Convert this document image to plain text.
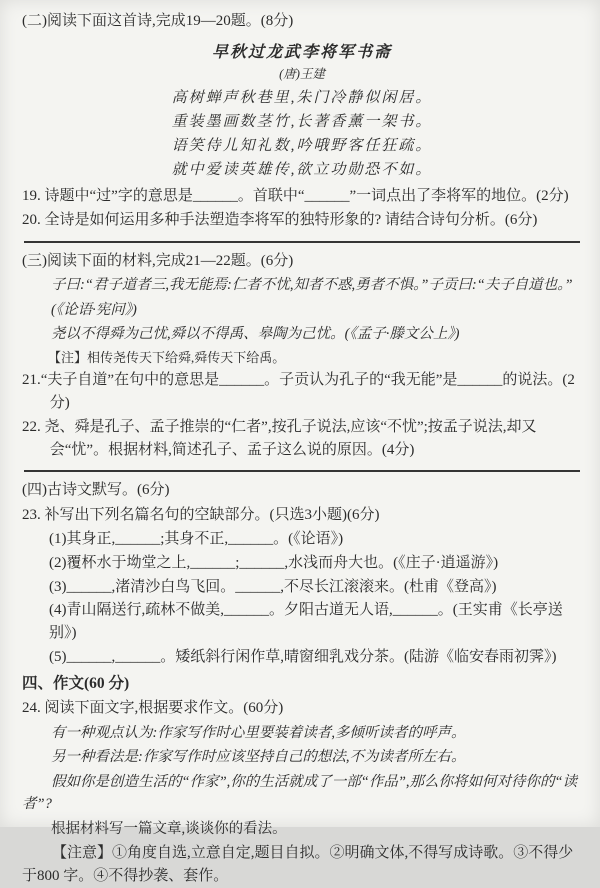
(二)阅读下面这首诗,完成19—20题。(8分)
早秋过龙武李将军书斋
(唐)王建
高树蝉声秋巷里,朱门冷静似闲居。
重装墨画数茎竹,长著香薰一架书。
语笑侍儿知礼数,吟哦野客任狂疏。
就中爱读英雄传,欲立功勋恐不如。
19. 诗题中“过”字的意思是______。首联中“______”一词点出了李将军的地位。(2分)
20. 全诗是如何运用多种手法塑造李将军的独特形象的? 请结合诗句分析。(6分)
(三)阅读下面的材料,完成21—22题。(6分)
子曰:“君子道者三,我无能焉:仁者不忧,知者不惑,勇者不惧。”子贡曰:“夫子自道也。”
(《论语·宪问》)
尧以不得舜为己忧,舜以不得禹、皋陶为己忧。(《孟子·滕文公上》)
【注】相传尧传天下给舜,舜传天下给禹。
21.“夫子自道”在句中的意思是______。子贡认为孔子的“我无能”是______的说法。(2分)
22. 尧、舜是孔子、孟子推崇的“仁者”,按孔子说法,应该“不忧”;按孟子说法,却又会“忧”。根据材料,简述孔子、孟子这么说的原因。(4分)
(四)古诗文默写。(6分)
23. 补写出下列名篇名句的空缺部分。(只选3小题)(6分)
(1)其身正,______;其身不正,______。(《论语》)
(2)覆杯水于坳堂之上,______;______,水浅而舟大也。(《庄子·逍遥游》)
(3)______,渚清沙白鸟飞回。______,不尽长江滚滚来。(杜甫《登高》)
(4)青山隔送行,疏林不做美,______。夕阳古道无人语,______。(王实甫《长亭送别》)
(5)______,______。矮纸斜行闲作草,晴窗细乳戏分茶。(陆游《临安春雨初霁》)
四、作文(60 分)
24. 阅读下面文字,根据要求作文。(60分)
有一种观点认为:作家写作时心里要装着读者,多倾听读者的呼声。
另一种看法是:作家写作时应该坚持自己的想法,不为读者所左右。
假如你是创造生活的“作家”,你的生活就成了一部“作品”,那么你将如何对待你的“读者”?
根据材料写一篇文章,谈谈你的看法。
【注意】①角度自选,立意自定,题目自拟。②明确文体,不得写成诗歌。③不得少于800 字。④不得抄袭、套作。
